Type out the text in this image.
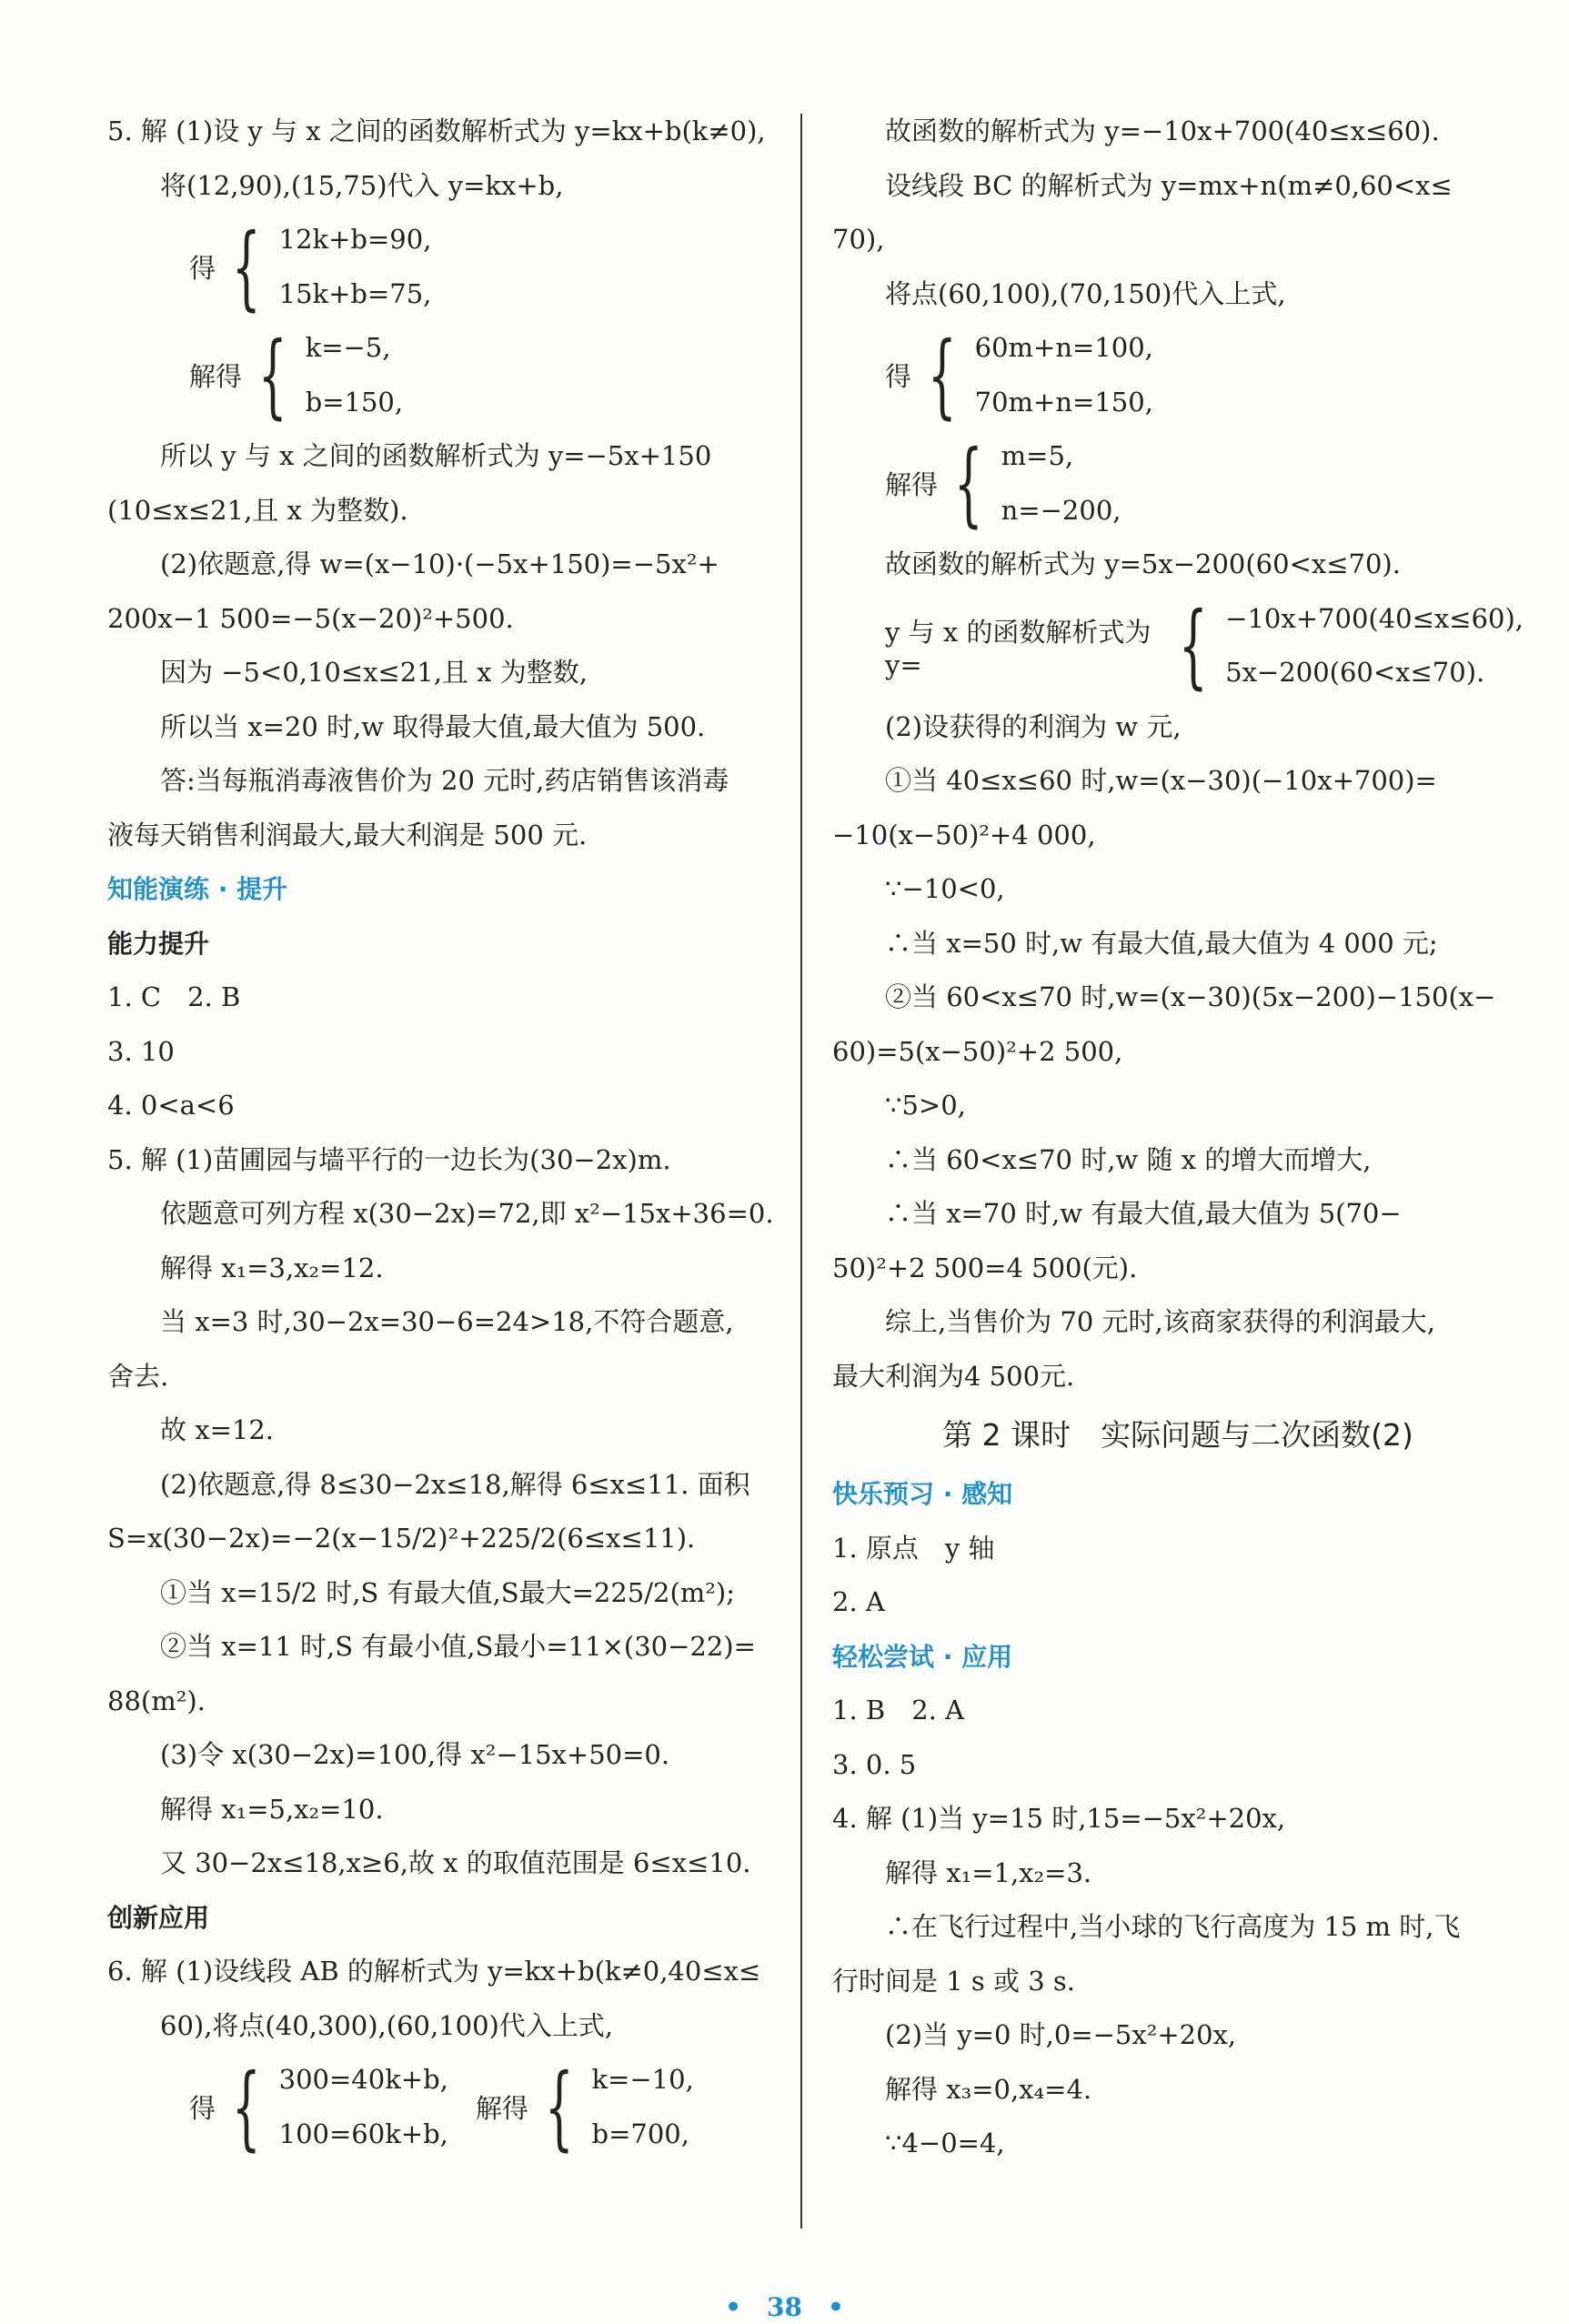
5. 解 (1)设 y 与 x 之间的函数解析式为 y=kx+b(k≠0),
将(12,90),(15,75)代入 y=kx+b,
得 { 12k+b=90,
15k+b=75,
解得 { k=−5,
b=150,
所以 y 与 x 之间的函数解析式为 y=−5x+150
(10≤x≤21,且 x 为整数).
(2)依题意,得 w=(x−10)·(−5x+150)=−5x²+
200x−1 500=−5(x−20)²+500.
因为 −5<0,10≤x≤21,且 x 为整数,
所以当 x=20 时,w 取得最大值,最大值为 500.
答:当每瓶消毒液售价为 20 元时,药店销售该消毒
液每天销售利润最大,最大利润是 500 元.
知能演练 · 提升
能力提升
1. C　2. B
3. 10
4. 0<a<6
5. 解 (1)苗圃园与墙平行的一边长为(30−2x)m.
依题意可列方程 x(30−2x)=72,即 x²−15x+36=0.
解得 x₁=3,x₂=12.
当 x=3 时,30−2x=30−6=24>18,不符合题意,
舍去.
故 x=12.
(2)依题意,得 8≤30−2x≤18,解得 6≤x≤11. 面积
S=x(30−2x)=−2(x−15/2)²+225/2(6≤x≤11).
①当 x=15/2 时,S 有最大值,S最大=225/2(m²);
②当 x=11 时,S 有最小值,S最小=11×(30−22)=
88(m²).
(3)令 x(30−2x)=100,得 x²−15x+50=0.
解得 x₁=5,x₂=10.
又 30−2x≤18,x≥6,故 x 的取值范围是 6≤x≤10.
创新应用
6. 解 (1)设线段 AB 的解析式为 y=kx+b(k≠0,40≤x≤
60),将点(40,300),(60,100)代入上式,
得 { 300=40k+b,
100=60k+b,
解得 { k=−10,
b=700,
故函数的解析式为 y=−10x+700(40≤x≤60).
设线段 BC 的解析式为 y=mx+n(m≠0,60<x≤
70),
将点(60,100),(70,150)代入上式,
得 { 60m+n=100,
70m+n=150,
解得 { m=5,
n=−200,
故函数的解析式为 y=5x−200(60<x≤70).
y 与 x 的函数解析式为 y=	{ −10x+700(40≤x≤60),
5x−200(60<x≤70).
(2)设获得的利润为 w 元,
①当 40≤x≤60 时,w=(x−30)(−10x+700)=
−10(x−50)²+4 000,
∵−10<0,
∴当 x=50 时,w 有最大值,最大值为 4 000 元;
②当 60<x≤70 时,w=(x−30)(5x−200)−150(x−
60)=5(x−50)²+2 500,
∵5>0,
∴当 60<x≤70 时,w 随 x 的增大而增大,
∴当 x=70 时,w 有最大值,最大值为 5(70−
50)²+2 500=4 500(元).
综上,当售价为 70 元时,该商家获得的利润最大,
最大利润为4 500元.
第 2 课时　实际问题与二次函数(2)
快乐预习 · 感知
1. 原点　y 轴
2. A
轻松尝试 · 应用
1. B　2. A
3. 0. 5
4. 解 (1)当 y=15 时,15=−5x²+20x,
解得 x₁=1,x₂=3.
∴在飞行过程中,当小球的飞行高度为 15 m 时,飞
行时间是 1 s 或 3 s.
(2)当 y=0 时,0=−5x²+20x,
解得 x₃=0,x₄=4.
∵4−0=4,
•　38　•
